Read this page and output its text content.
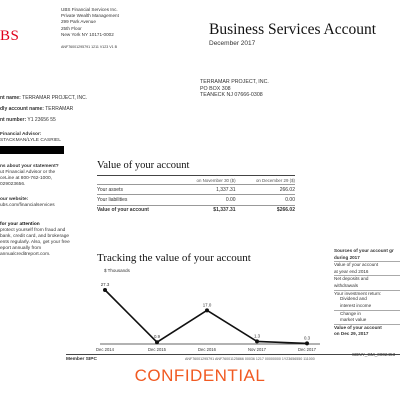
BS
UBS Financial Services Inc.
Private Wealth Management
299 Park Avenue
25th Floor
New York NY 10171-0002
ANF76001295791 1211 V123 V1 B
Business Services Account
December 2017
TERRAMAR PROJECT, INC.
PO BOX 308
TEANECK NJ 07666-0308
nt name: TERRAMAR PROJECT, INC.
dly account name: TERRAMAR
nt number: Y1 23656 55
Financial Advisor:
STACKMAN/LYLE CASRIEL
ns about your statement?
ut Financial Advisor or the
ceLine at 800-762-1000,
029023656.
our website:
ubs.com/financialservices
for your attention
protect yourself from fraud and
bank, credit card, and brokerage
ents regularly. Also, get your free
eport annually from
annualcreditreport.com.
Value of your account
	on November 30 ($)	on December 29 ($)
Your assets	1,337.31	266.02
Your liabilities	0.00	0.00
Value of your account	$1,337.31	$266.02
Tracking the value of your account
$ Thousands
27.3
Dec 2014
0.9
Dec 2015
17.0
Dec 2016
1.3
Nov 2017
0.3
Dec 2017
Sources of your account gr
during 2017
Value of your account
at year end 2016
Net deposits and
withdrawals
Your investment return:
Dividend and
interest income
Change in
market value
Value of your account
on Dec 29, 2017
Member SIPC	ANF76001295791 ANF76001125866 00036 1217 00000000 1Y23656550 111000
SDNY_GM_0002453
CONFIDENTIAL
